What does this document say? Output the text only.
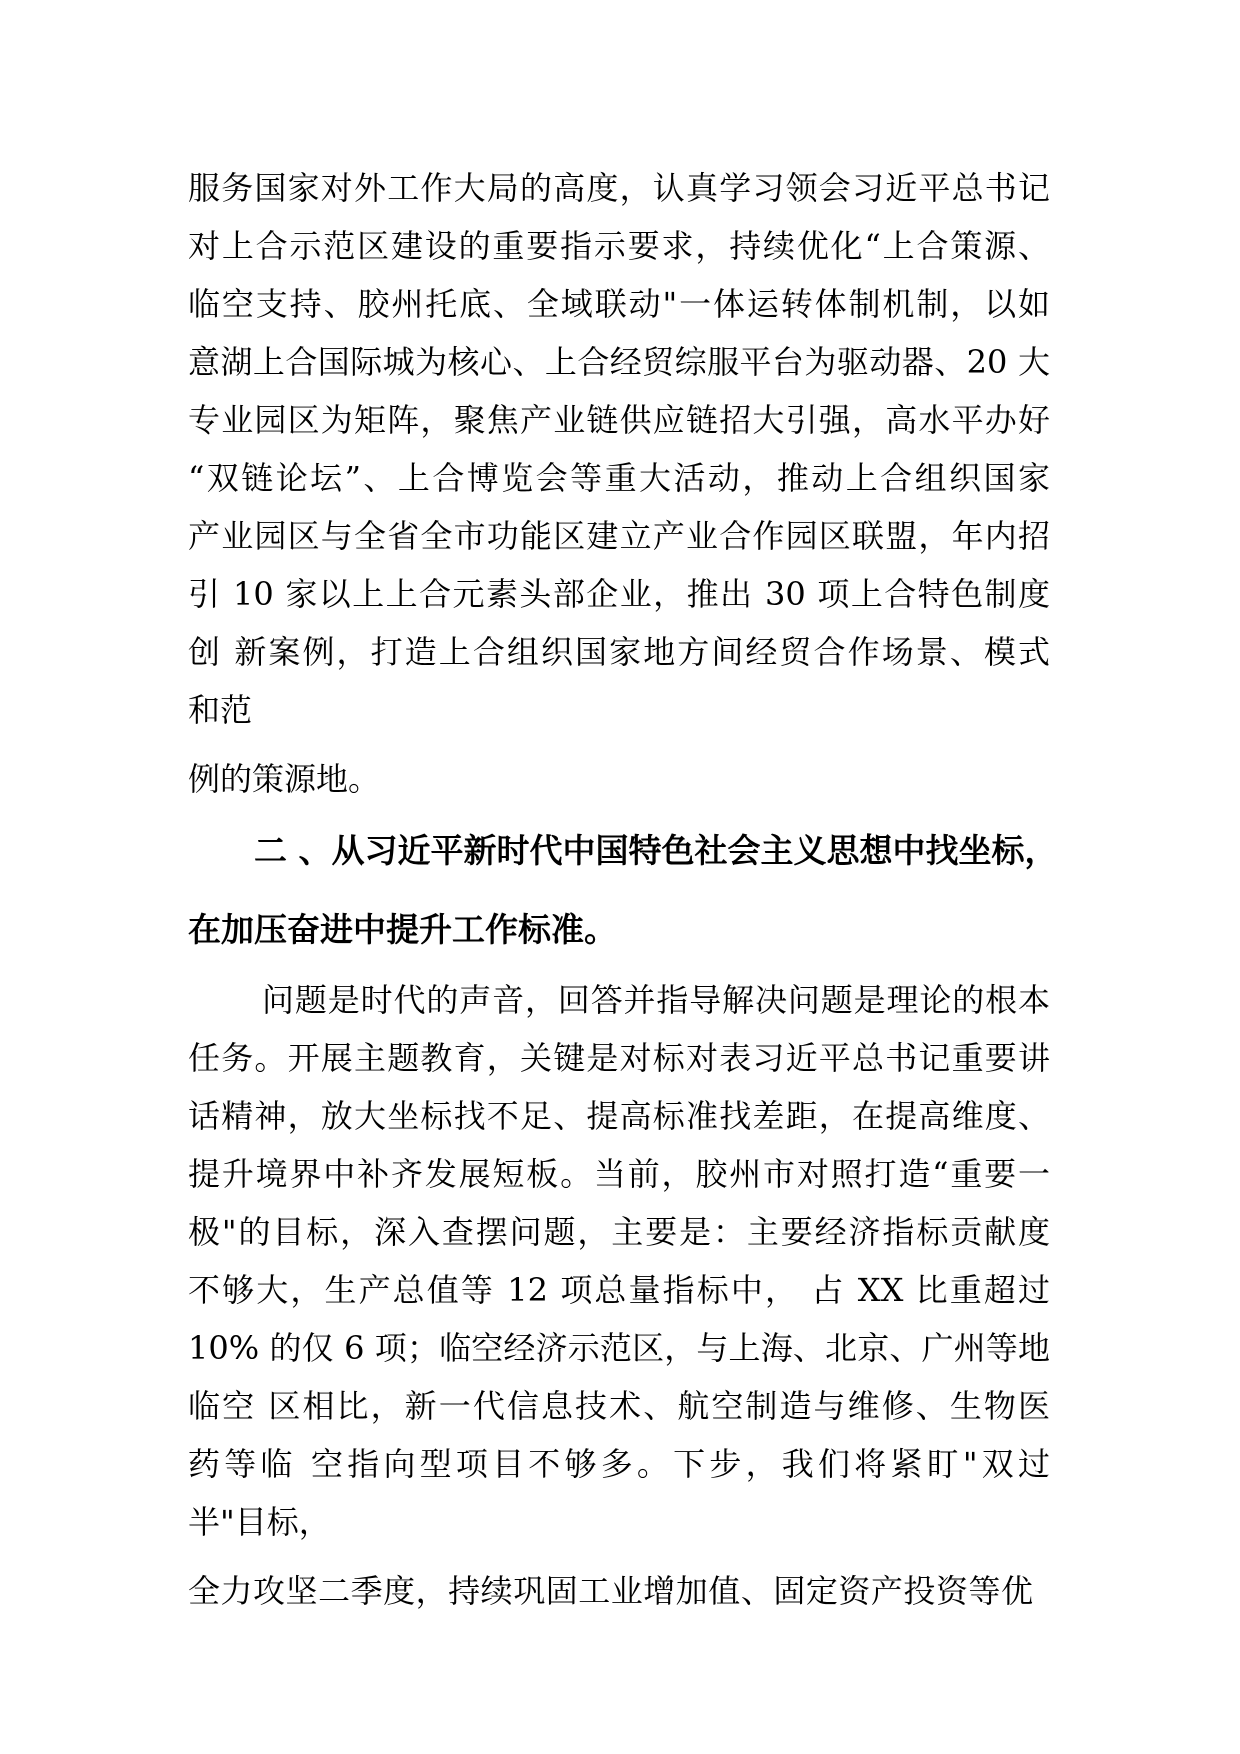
服务国家对外工作大局的高度，认真学习领会习近平总书记
对上合示范区建设的重要指示要求，持续优化“上合策源、
临空支持、胶州托底、全域联动"一体运转体制机制，以如
意湖上合国际城为核心、上合经贸综服平台为驱动器、20 大
专业园区为矩阵，聚焦产业链供应链招大引强，高水平办好
“双链论坛”、上合博览会等重大活动，推动上合组织国家
产业园区与全省全市功能区建立产业合作园区联盟，年内招
引 10 家以上上合元素头部企业，推出 30 项上合特色制度
创 新案例，打造上合组织国家地方间经贸合作场景、模式
和范
例的策源地。
二 、从习近平新时代中国特色社会主义思想中找坐标，
在加压奋进中提升工作标准。
问题是时代的声音，回答并指导解决问题是理论的根本
任务。开展主题教育，关键是对标对表习近平总书记重要讲
话精神，放大坐标找不足、提高标准找差距，在提高维度、
提升境界中补齐发展短板。当前，胶州市对照打造“重要一
极"的目标，深入查摆问题，主要是：主要经济指标贡献度
不够大，生产总值等 12 项总量指标中， 占 XX 比重超过
10% 的仅 6 项；临空经济示范区，与上海、北京、广州等地
临空 区相比，新一代信息技术、航空制造与维修、生物医
药等临 空指向型项目不够多。下步，我们将紧盯"双过
半"目标，
全力攻坚二季度，持续巩固工业增加值、固定资产投资等优
